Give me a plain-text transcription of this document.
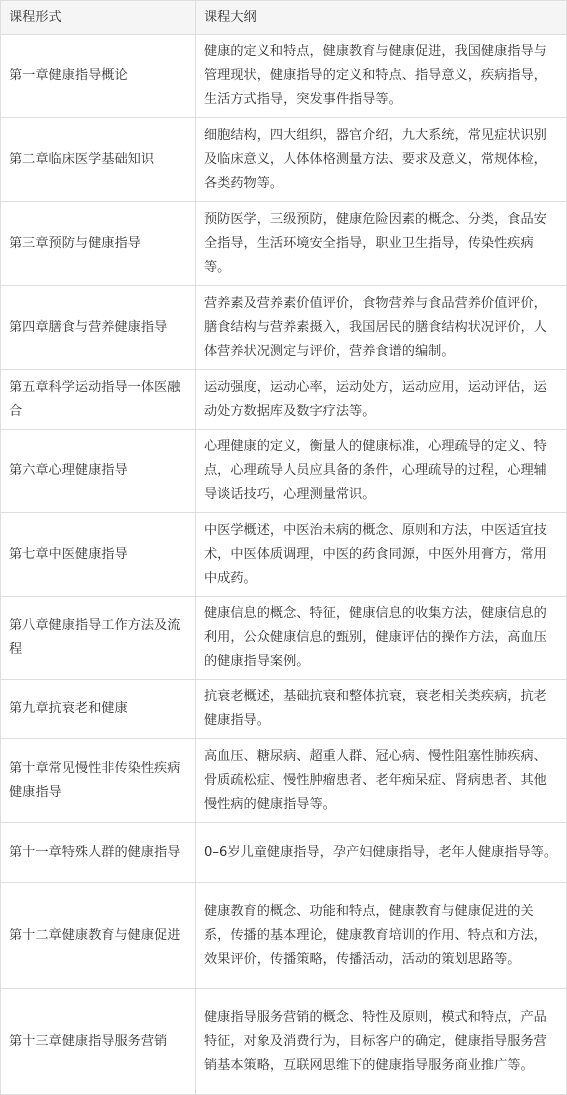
课程形式	课程大纲
第一章健康指导概论	健康的定义和特点，健康教育与健康促进，我国健康指导与管理现状，健康指导的定义和特点、指导意义，疾病指导，生活方式指导，突发事件指导等。
第二章临床医学基础知识	细胞结构，四大组织，器官介绍，九大系统，常见症状识别及临床意义，人体体格测量方法、要求及意义，常规体检，各类药物等。
第三章预防与健康指导	预防医学，三级预防，健康危险因素的概念、分类，食品安全指导，生活环境安全指导，职业卫生指导，传染性疾病等。
第四章膳食与营养健康指导	营养素及营养素价值评价，食物营养与食品营养价值评价，膳食结构与营养素摄入，我国居民的膳食结构状况评价，人体营养状况测定与评价，营养食谱的编制。
第五章科学运动指导一体医融合	运动强度，运动心率，运动处方，运动应用，运动评估，运动处方数据库及数字疗法等。
第六章心理健康指导	心理健康的定义，衡量人的健康标准，心理疏导的定义、特点，心理疏导人员应具备的条件，心理疏导的过程，心理辅导谈话技巧，心理测量常识。
第七章中医健康指导	中医学概述，中医治未病的概念、原则和方法，中医适宜技术，中医体质调理，中医的药食同源，中医外用膏方，常用中成药。
第八章健康指导工作方法及流程	健康信息的概念、特征，健康信息的收集方法，健康信息的利用，公众健康信息的甄别，健康评估的操作方法，高血压的健康指导案例。
第九章抗衰老和健康	抗衰老概述，基础抗衰和整体抗衰，衰老相关类疾病，抗老健康指导。
第十章常见慢性非传染性疾病健康指导	高血压、糖尿病、超重人群、冠心病、慢性阻塞性肺疾病、骨质疏松症、慢性肿瘤患者、老年痴呆症、肾病患者、其他慢性病的健康指导等。
第十一章特殊人群的健康指导	0–6岁儿童健康指导，孕产妇健康指导，老年人健康指导等。
第十二章健康教育与健康促进	健康教育的概念、功能和特点，健康教育与健康促进的关系，传播的基本理论，健康教育培训的作用、特点和方法，效果评价，传播策略，传播活动，活动的策划思路等。
第十三章健康指导服务营销	健康指导服务营销的概念、特性及原则，模式和特点，产品特征，对象及消费行为，目标客户的确定，健康指导服务营销基本策略，互联网思维下的健康指导服务商业推广等。
